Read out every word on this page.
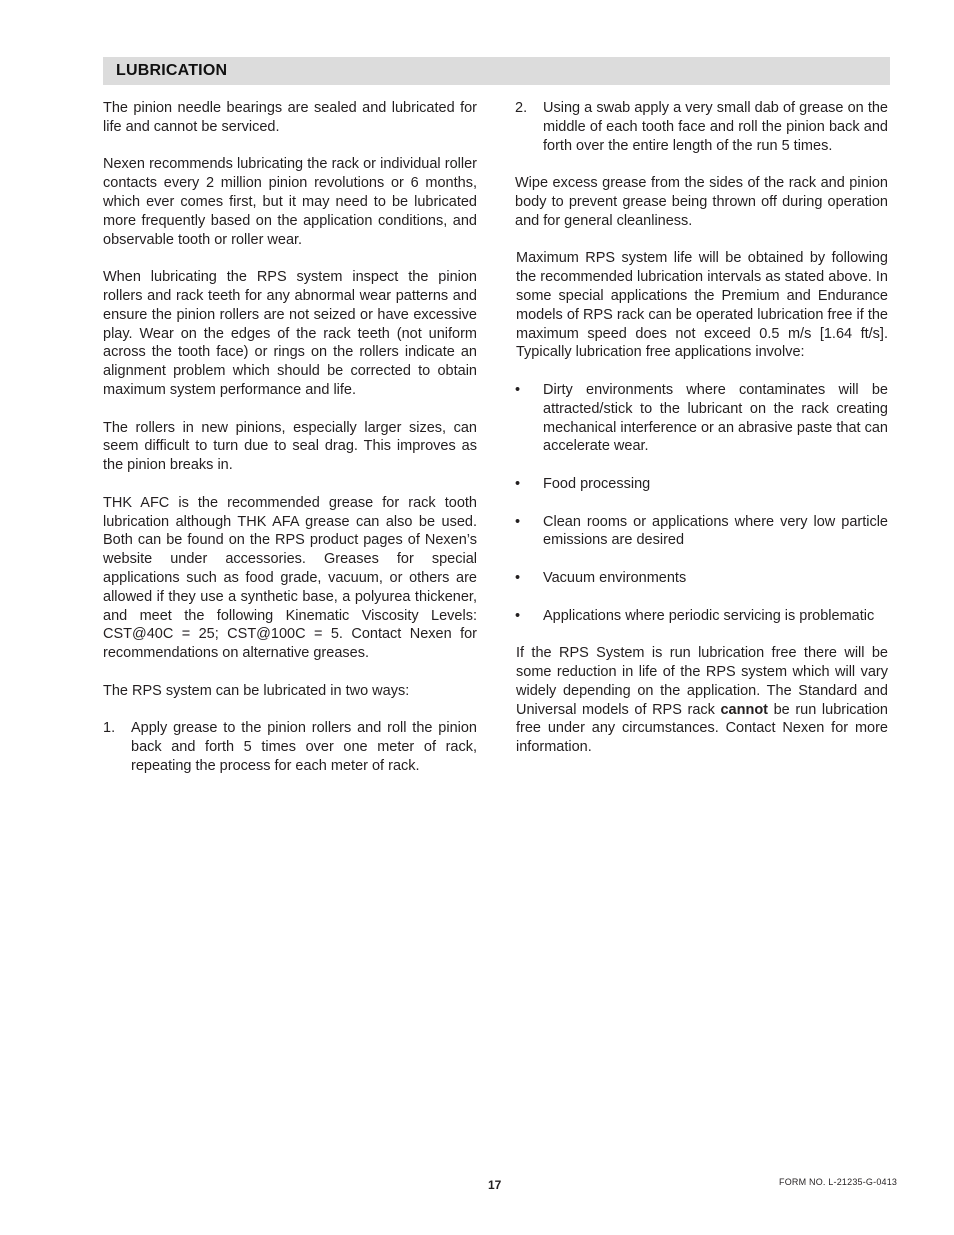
LUBRICATION

The pinion needle bearings are sealed and lubricated for life and cannot be serviced.

Nexen recommends lubricating the rack or individual roller contacts every 2 million pinion revolutions or 6 months, which ever comes first, but it may need to be lubricated more frequently based on the application conditions, and observable tooth or roller wear.

When lubricating the RPS system inspect the pinion rollers and rack teeth for any abnormal wear patterns and ensure the pinion rollers are not seized or have excessive play. Wear on the edges of the rack teeth (not uniform across the tooth face) or rings on the rollers indicate an alignment problem which should be corrected to obtain maximum system performance and life.

The rollers in new pinions, especially larger sizes, can seem difficult to turn due to seal drag. This improves as the pinion breaks in.

THK AFC is the recommended grease for rack tooth lubrication although THK AFA grease can also be used. Both can be found on the RPS product pages of Nexen’s website under accessories. Greases for special applications such as food grade, vacuum, or others are allowed if they use a synthetic base, a polyurea thickener, and meet the following Kinematic Viscosity Levels: CST@40C = 25; CST@100C = 5. Contact Nexen for recommendations on alternative greases.

The RPS system can be lubricated in two ways:

1. Apply grease to the pinion rollers and roll the pinion back and forth 5 times over one meter of rack, repeating the process for each meter of rack.
2. Using a swab apply a very small dab of grease on the middle of each tooth face and roll the pinion back and forth over the entire length of the run 5 times.

Wipe excess grease from the sides of the rack and pinion body to prevent grease being thrown off during operation and for general cleanliness.

Maximum RPS system life will be obtained by following the recommended lubrication intervals as stated above. In some special applications the Premium and Endurance models of RPS rack can be operated lubrication free if the maximum speed does not exceed 0.5 m/s [1.64 ft/s]. Typically lubrication free applications involve:

• Dirty environments where contaminates will be attracted/stick to the lubricant on the rack creating mechanical interference or an abrasive paste that can accelerate wear.
• Food processing
• Clean rooms or applications where very low particle emissions are desired
• Vacuum environments
• Applications where periodic servicing is problematic

If the RPS System is run lubrication free there will be some reduction in life of the RPS system which will vary widely depending on the application. The Standard and Universal models of RPS rack cannot be run lubrication free under any circumstances. Contact Nexen for more information.

17	FORM NO. L-21235-G-0413
